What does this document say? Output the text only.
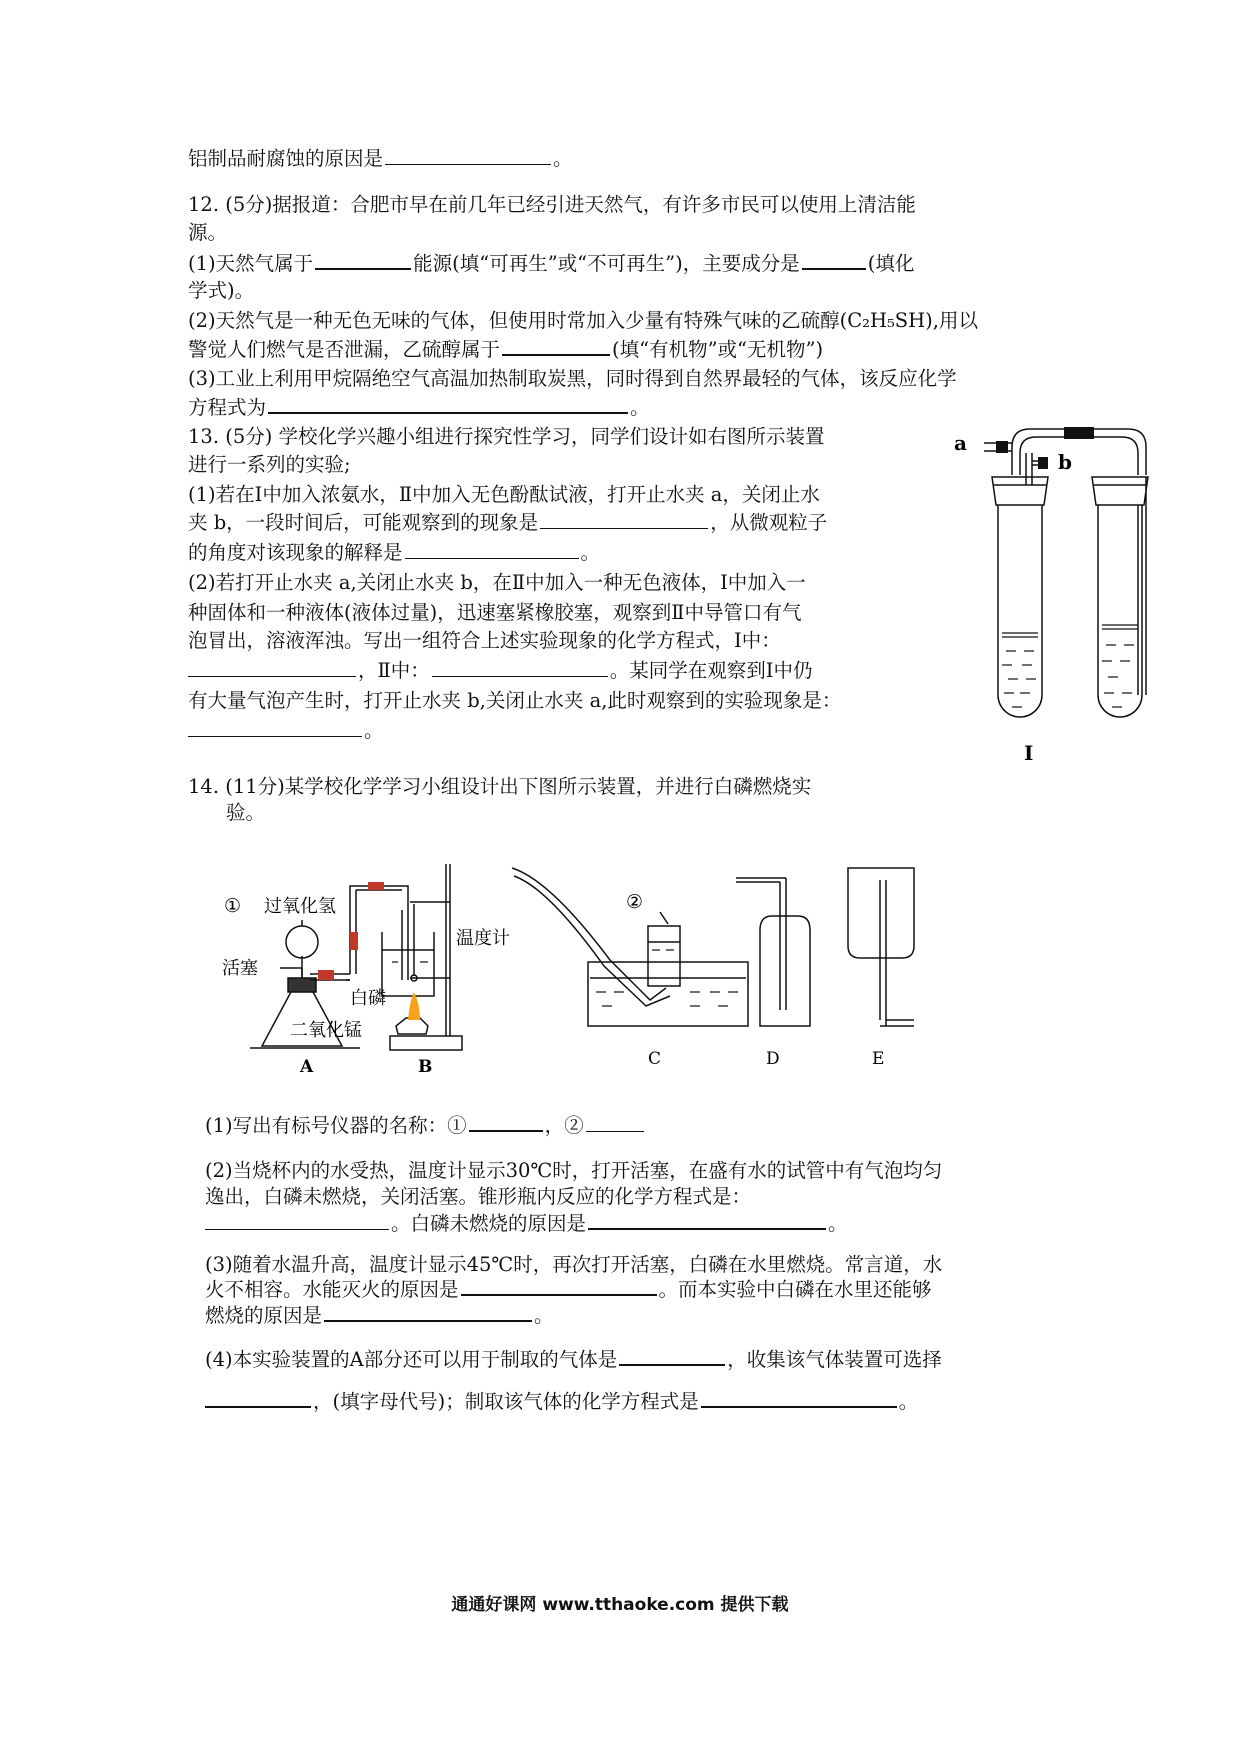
铝制品耐腐蚀的原因是	。
12. (5分)据报道：合肥市早在前几年已经引进天然气，有许多市民可以使用上清洁能
源。
(1)天然气属于	能源(填“可再生”或“不可再生”)，主要成分是	(填化
学式)。
(2)天然气是一种无色无味的气体，但使用时常加入少量有特殊气味的乙硫醇(C₂H₅SH),用以
警觉人们燃气是否泄漏，乙硫醇属于	(填“有机物”或“无机物”)
(3)工业上利用甲烷隔绝空气高温加热制取炭黑，同时得到自然界最轻的气体，该反应化学
方程式为	。
13. (5分) 学校化学兴趣小组进行探究性学习，同学们设计如右图所示装置
进行一系列的实验;
(1)若在Ⅰ中加入浓氨水，Ⅱ中加入无色酚酞试液，打开止水夹 a，关闭止水
夹 b，一段时间后，可能观察到的现象是	，从微观粒子
的角度对该现象的解释是	。
(2)若打开止水夹 a,关闭止水夹 b，在Ⅱ中加入一种无色液体，Ⅰ中加入一
种固体和一种液体(液体过量)，迅速塞紧橡胶塞，观察到Ⅱ中导管口有气
泡冒出，溶液浑浊。写出一组符合上述实验现象的化学方程式，Ⅰ中：
，Ⅱ中：	。某同学在观察到Ⅰ中仍
有大量气泡产生时，打开止水夹 b,关闭止水夹 a,此时观察到的实验现象是：
。
a
b
I
14. (11分)某学校化学学习小组设计出下图所示装置，并进行白磷燃烧实
验。
① 过氧化氢
活塞
温度计
白磷
二氧化锰
②
A	B	C	D	E
(1)写出有标号仪器的名称：①	，②
(2)当烧杯内的水受热，温度计显示30℃时，打开活塞，在盛有水的试管中有气泡均匀
逸出，白磷未燃烧，关闭活塞。锥形瓶内反应的化学方程式是：
。白磷未燃烧的原因是	。
(3)随着水温升高，温度计显示45℃时，再次打开活塞，白磷在水里燃烧。常言道，水
火不相容。水能灭火的原因是	。而本实验中白磷在水里还能够
燃烧的原因是	。
(4)本实验装置的A部分还可以用于制取的气体是	，收集该气体装置可选择
，(填字母代号)；制取该气体的化学方程式是	。
通通好课网 www.tthaoke.com 提供下载
